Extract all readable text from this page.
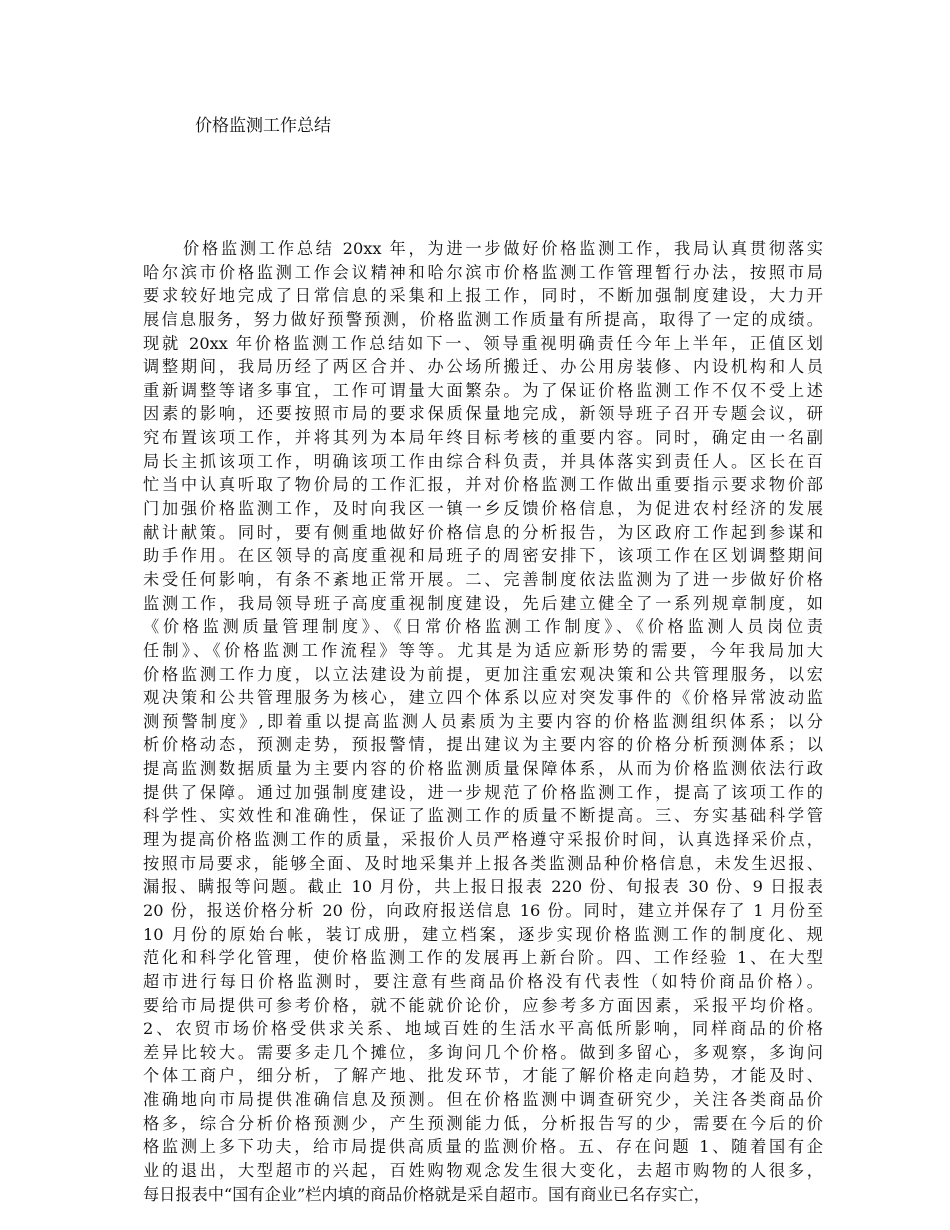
价格监测工作总结
价格监测工作总结 20xx 年，为进一步做好价格监测工作，我局认真贯彻落实
哈尔滨市价格监测工作会议精神和哈尔滨市价格监测工作管理暂行办法，按照市局
要求较好地完成了日常信息的采集和上报工作，同时，不断加强制度建设，大力开
展信息服务，努力做好预警预测，价格监测工作质量有所提高，取得了一定的成绩。
现就 20xx 年价格监测工作总结如下一、领导重视明确责任今年上半年，正值区划
调整期间，我局历经了两区合并、办公场所搬迁、办公用房装修、内设机构和人员
重新调整等诸多事宜，工作可谓量大面繁杂。为了保证价格监测工作不仅不受上述
因素的影响，还要按照市局的要求保质保量地完成，新领导班子召开专题会议，研
究布置该项工作，并将其列为本局年终目标考核的重要内容。同时，确定由一名副
局长主抓该项工作，明确该项工作由综合科负责，并具体落实到责任人。区长在百
忙当中认真听取了物价局的工作汇报，并对价格监测工作做出重要指示要求物价部
门加强价格监测工作，及时向我区一镇一乡反馈价格信息，为促进农村经济的发展
献计献策。同时，要有侧重地做好价格信息的分析报告，为区政府工作起到参谋和
助手作用。在区领导的高度重视和局班子的周密安排下，该项工作在区划调整期间
未受任何影响，有条不紊地正常开展。二、完善制度依法监测为了进一步做好价格
监测工作，我局领导班子高度重视制度建设，先后建立健全了一系列规章制度，如
《价格监测质量管理制度》、《日常价格监测工作制度》、《价格监测人员岗位责
任制》、《价格监测工作流程》等等。尤其是为适应新形势的需要，今年我局加大
价格监测工作力度，以立法建设为前提，更加注重宏观决策和公共管理服务，以宏
观决策和公共管理服务为核心，建立四个体系以应对突发事件的《价格异常波动监
测预警制度》,即着重以提高监测人员素质为主要内容的价格监测组织体系；以分
析价格动态，预测走势，预报警情，提出建议为主要内容的价格分析预测体系；以
提高监测数据质量为主要内容的价格监测质量保障体系，从而为价格监测依法行政
提供了保障。通过加强制度建设，进一步规范了价格监测工作，提高了该项工作的
科学性、实效性和准确性，保证了监测工作的质量不断提高。三、夯实基础科学管
理为提高价格监测工作的质量，采报价人员严格遵守采报价时间，认真选择采价点，
按照市局要求，能够全面、及时地采集并上报各类监测品种价格信息，未发生迟报、
漏报、瞒报等问题。截止 10 月份，共上报日报表 220 份、旬报表 30 份、9 日报表
20 份，报送价格分析 20 份，向政府报送信息 16 份。同时，建立并保存了 1 月份至
10 月份的原始台帐，装订成册，建立档案，逐步实现价格监测工作的制度化、规
范化和科学化管理，使价格监测工作的发展再上新台阶。四、工作经验 1、在大型
超市进行每日价格监测时，要注意有些商品价格没有代表性（如特价商品价格）。
要给市局提供可参考价格，就不能就价论价，应参考多方面因素，采报平均价格。
2、农贸市场价格受供求关系、地域百姓的生活水平高低所影响，同样商品的价格
差异比较大。需要多走几个摊位，多询问几个价格。做到多留心，多观察，多询问
个体工商户，细分析，了解产地、批发环节，才能了解价格走向趋势，才能及时、
准确地向市局提供准确信息及预测。但在价格监测中调查研究少，关注各类商品价
格多，综合分析价格预测少，产生预测能力低，分析报告写的少，需要在今后的价
格监测上多下功夫，给市局提供高质量的监测价格。五、存在问题 1、随着国有企
业的退出，大型超市的兴起，百姓购物观念发生很大变化，去超市购物的人很多，
每日报表中“国有企业”栏内填的商品价格就是采自超市。国有商业已名存实亡，
